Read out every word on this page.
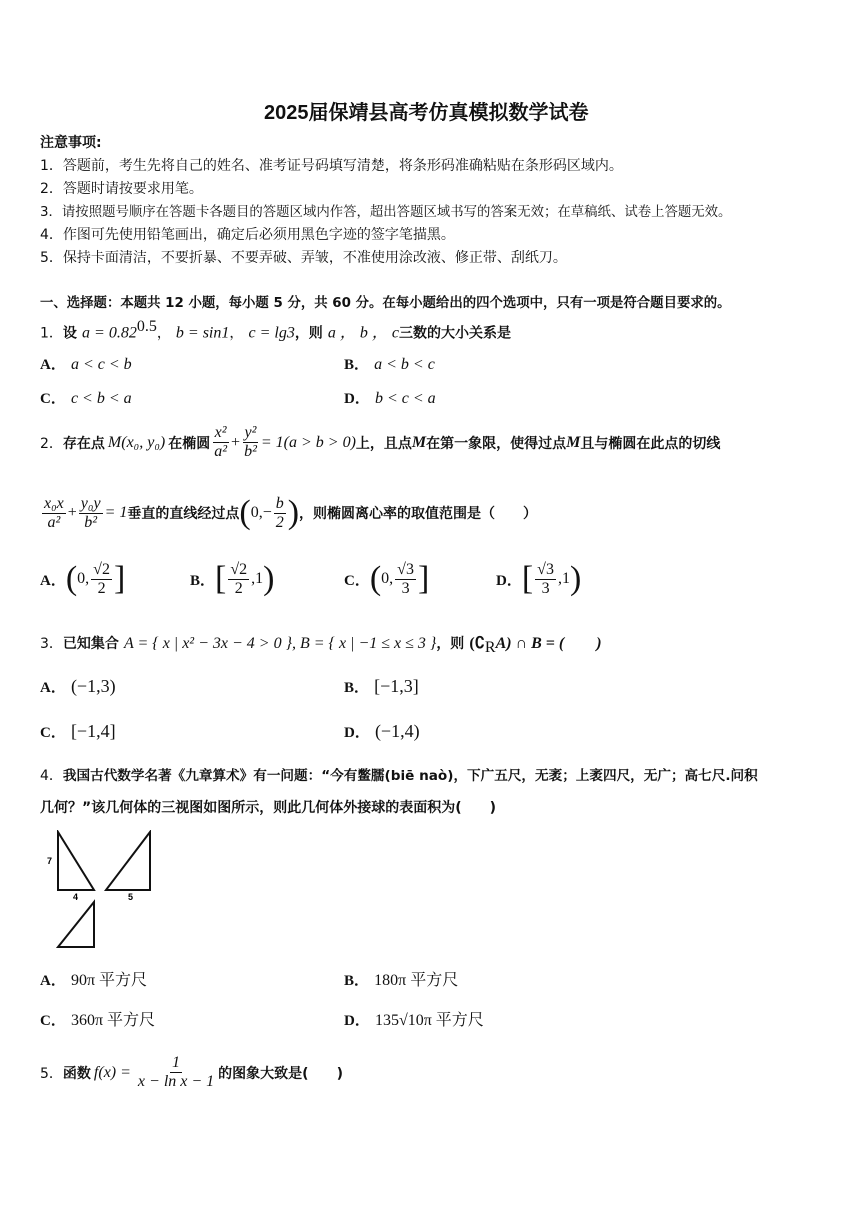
2025届保靖县高考仿真模拟数学试卷
注意事项:
1．答题前，考生先将自己的姓名、准考证号码填写清楚，将条形码准确粘贴在条形码区域内。
2．答题时请按要求用笔。
3．请按照题号顺序在答题卡各题目的答题区域内作答，超出答题区域书写的答案无效；在草稿纸、试卷上答题无效。
4．作图可先使用铅笔画出，确定后必须用黑色字迹的签字笔描黑。
5．保持卡面清洁，不要折暴、不要弄破、弄皱，不准使用涂改液、修正带、刮纸刀。
一、选择题：本题共 12 小题，每小题 5 分，共 60 分。在每小题给出的四个选项中，只有一项是符合题目要求的。
1．设 $a = 0.82^{0.5}$， b = sin1， c = lg3，则 a ， b ， c三数的大小关系是
A． a < c < b	B． a < b < c
C． c < b < a	D． b < c < a
2． 存在点 M(x₀, y₀) 在椭圆 $\frac{\text{x²}}{\text{a²}} + \frac{\text{y²}}{\text{b²}} = 1(a > b > 0)$ 上，且点 M 在第一象限，使得过点 M 且与椭圆在此点的切线
$\frac{\text{x₀x}}{\text{a²}} + \frac{\text{y₀y}}{\text{b²}} = 1$ 垂直的直线经过点 ( $0,- \frac{b}{2}$ ) ，则椭圆离心率的取值范围是（　　）
A． ( 0, $\frac{√2}{2}$ ]	B． [ $\frac{√2}{2} ,1$ )	C． ( 0, $\frac{√3}{3}$ ]	D． [ $\frac{√3}{3} ,1$ )
3．已知集合 A = { x | x² − 3x − 4 > 0 }, B = { x | −1 ≤ x ≤ 3 }，则 $(∁_RA)$ ∩ B = (　　)
A． (−1,3)	B． [−1,3]
C． [−1,4]	D． (−1,4)
4．我国古代数学名著《九章算术》有一问题：“今有鳖臑(biē naò)，下广五尺，无袤；上袤四尺，无广；高七尺.问积
几何？”该几何体的三视图如图所示，则此几何体外接球的表面积为(　　)
7
4	5
A． 90π 平方尺	B． 180π 平方尺
C． 360π 平方尺	D． 135√10π 平方尺
5． 函数 $f(x) = \frac{1}{\text{x − ln x − 1}}$ 的图象大致是(　　)
